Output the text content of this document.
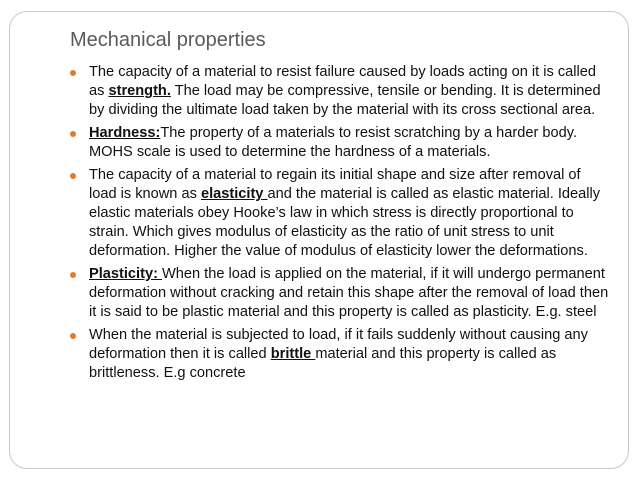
Mechanical properties
The capacity of a material to resist failure caused by loads acting on it is called as strength. The load may be compressive, tensile or bending. It is determined by dividing the ultimate load taken by the material with its cross sectional area.
Hardness:The property of a materials to resist scratching by a harder body. MOHS scale is used to determine the hardness of a materials.
The capacity of a material to regain its initial shape and size after removal of load is known as elasticity and the material is called as elastic material. Ideally elastic materials obey Hooke’s law in which stress is directly proportional to strain. Which gives modulus of elasticity as the ratio of unit stress to unit deformation. Higher the value of modulus of elasticity lower the deformations.
Plasticity: When the load is applied on the material, if it will undergo permanent deformation without cracking and retain this shape after the removal of load then it is said to be plastic material and this property is called as plasticity. E.g. steel
When the material is subjected to load, if it fails suddenly without causing any deformation then it is called brittle material and this property is called as brittleness. E.g concrete
